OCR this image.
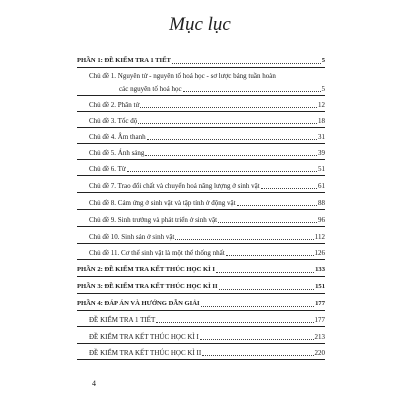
Mục lục
PHẦN 1: ĐỀ KIỂM TRA 1 TIẾT	5
Chủ đề 1. Nguyên tử - nguyên tố hoá học - sơ lược bảng tuần hoàn
các nguyên tố hoá học	5
Chủ đề 2. Phân tử	12
Chủ đề 3. Tốc độ	18
Chủ đề 4. Âm thanh	31
Chủ đề 5. Ánh sáng	39
Chủ đề 6. Từ	51
Chủ đề 7. Trao đổi chất và chuyển hoá năng lượng ở sinh vật	61
Chủ đề 8. Cảm ứng ở sinh vật và tập tính ở động vật	88
Chủ đề 9. Sinh trưởng và phát triển ở sinh vật	96
Chủ đề 10. Sinh sản ở sinh vật	112
Chủ đề 11. Cơ thể sinh vật là một thể thống nhất	126
PHẦN 2: ĐỀ KIỂM TRA KẾT THÚC HỌC KÌ I	133
PHẦN 3: ĐỀ KIỂM TRA KẾT THÚC HỌC KÌ II	151
PHẦN 4: ĐÁP ÁN VÀ HƯỚNG DẪN GIẢI	177
ĐỀ KIỂM TRA 1 TIẾT	177
ĐỀ KIỂM TRA KẾT THÚC HỌC KÌ I	213
ĐỀ KIỂM TRA KẾT THÚC HỌC KÌ II	220
4
